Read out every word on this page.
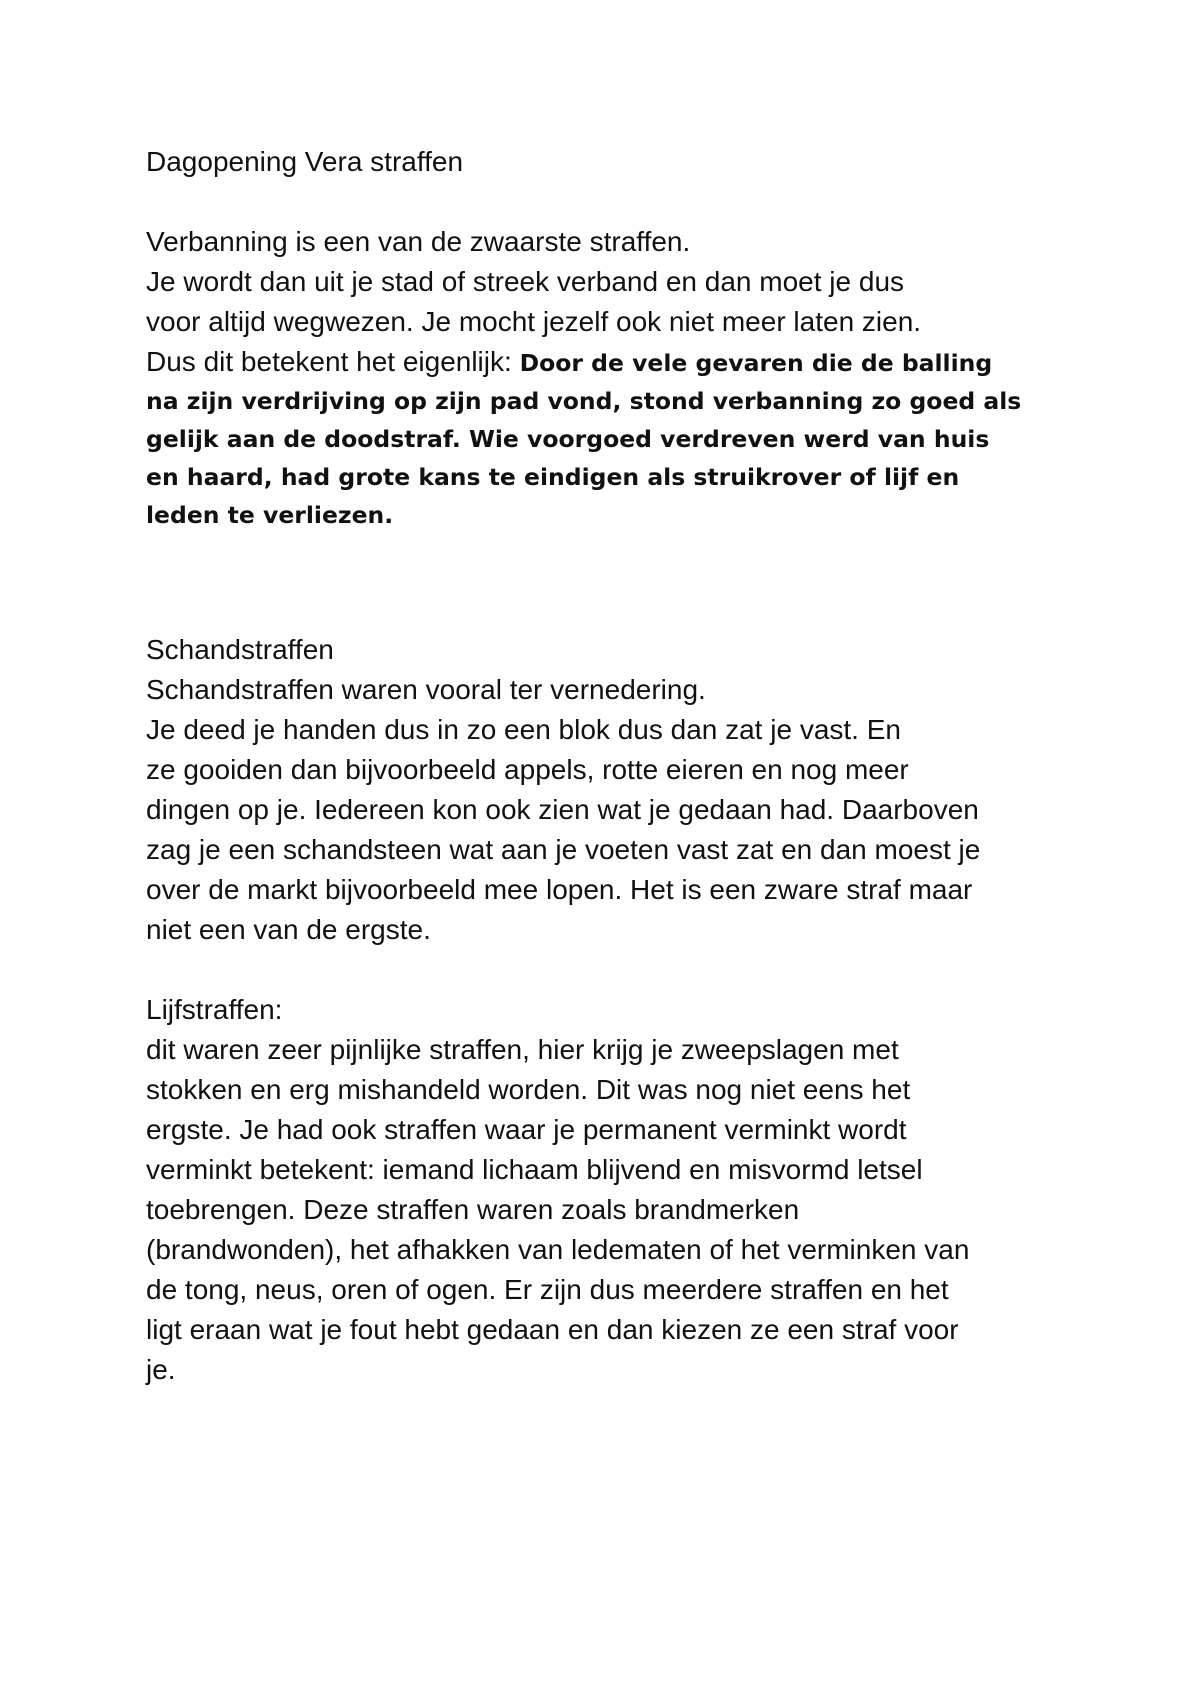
Dagopening Vera straffen
Verbanning is een van de zwaarste straffen.
Je wordt dan uit je stad of streek verband en dan moet je dus
voor altijd wegwezen. Je mocht jezelf ook niet meer laten zien.
Dus dit betekent het eigenlijk: Door de vele gevaren die de balling
na zijn verdrijving op zijn pad vond, stond verbanning zo goed als
gelijk aan de doodstraf. Wie voorgoed verdreven werd van huis
en haard, had grote kans te eindigen als struikrover of lijf en
leden te verliezen.
Schandstraffen
Schandstraffen waren vooral ter vernedering.
Je deed je handen dus in zo een blok dus dan zat je vast. En
ze gooiden dan bijvoorbeeld appels, rotte eieren en nog meer
dingen op je. Iedereen kon ook zien wat je gedaan had. Daarboven
zag je een schandsteen wat aan je voeten vast zat en dan moest je
over de markt bijvoorbeeld mee lopen. Het is een zware straf maar
niet een van de ergste.
Lijfstraffen:
dit waren zeer pijnlijke straffen, hier krijg je zweepslagen met
stokken en erg mishandeld worden. Dit was nog niet eens het
ergste. Je had ook straffen waar je permanent verminkt wordt
verminkt betekent: iemand lichaam blijvend en misvormd letsel
toebrengen. Deze straffen waren zoals brandmerken
(brandwonden), het afhakken van ledematen of het verminken van
de tong, neus, oren of ogen. Er zijn dus meerdere straffen en het
ligt eraan wat je fout hebt gedaan en dan kiezen ze een straf voor
je.
